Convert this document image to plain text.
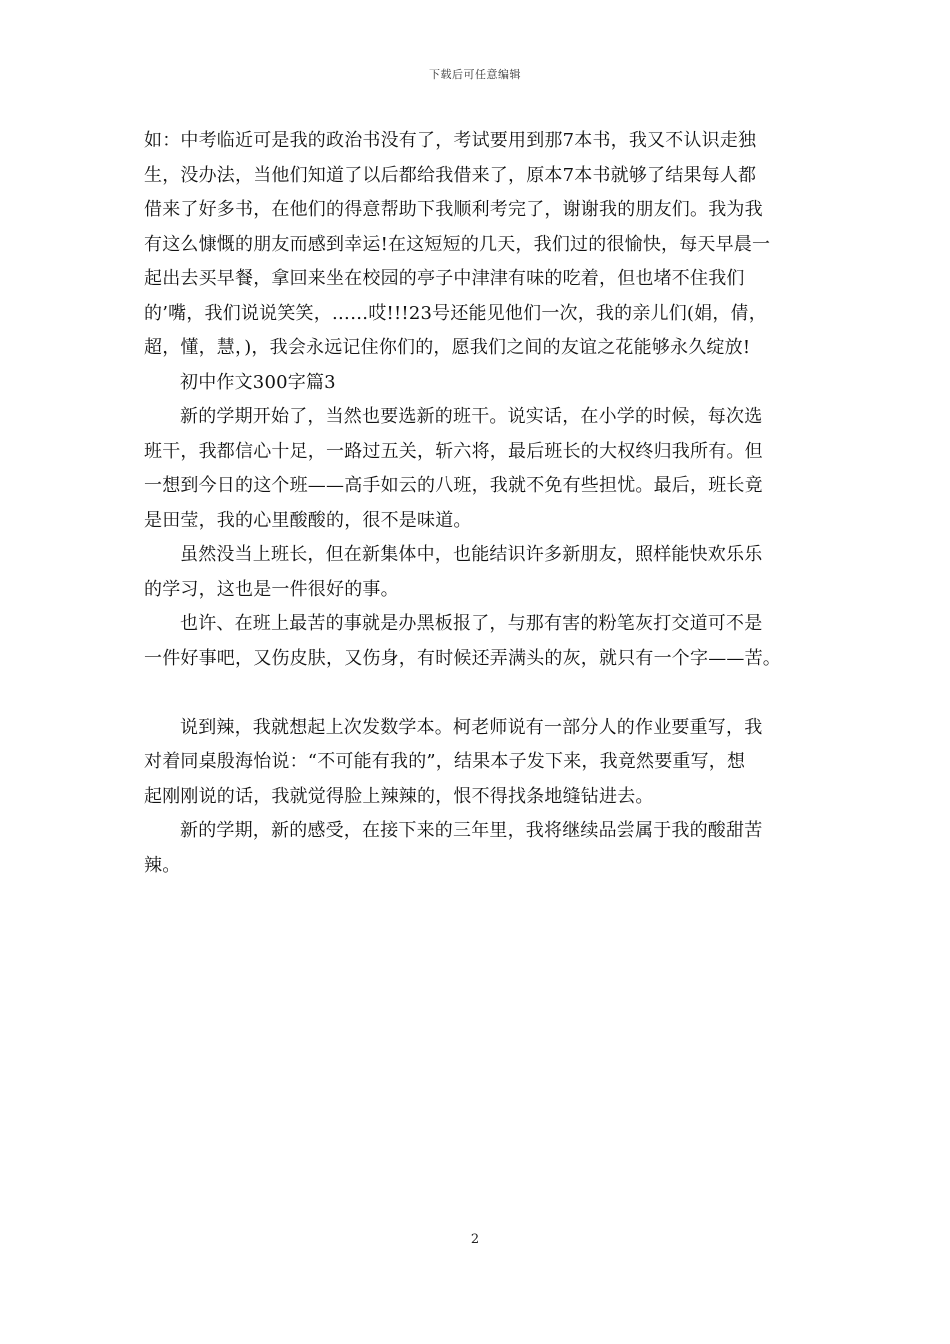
下载后可任意编辑
如：中考临近可是我的政治书没有了，考试要用到那7本书，我又不认识走独
生，没办法，当他们知道了以后都给我借来了，原本7本书就够了结果每人都
借来了好多书，在他们的得意帮助下我顺利考完了，谢谢我的朋友们。我为我
有这么慷慨的朋友而感到幸运!在这短短的几天，我们过的很愉快，每天早晨一
起出去买早餐，拿回来坐在校园的亭子中津津有味的吃着，但也堵不住我们
的’嘴，我们说说笑笑，……哎!!!23号还能见他们一次，我的亲儿们(娟，倩，
超，懂，慧，)，我会永远记住你们的，愿我们之间的友谊之花能够永久绽放!
初中作文300字篇3
新的学期开始了，当然也要选新的班干。说实话，在小学的时候，每次选
班干，我都信心十足，一路过五关，斩六将，最后班长的大权终归我所有。但
一想到今日的这个班——高手如云的八班，我就不免有些担忧。最后，班长竟
是田莹，我的心里酸酸的，很不是味道。
虽然没当上班长，但在新集体中，也能结识许多新朋友，照样能快欢乐乐
的学习，这也是一件很好的事。
也许、在班上最苦的事就是办黑板报了，与那有害的粉笔灰打交道可不是
一件好事吧，又伤皮肤，又伤身，有时候还弄满头的灰，就只有一个字——苦。
说到辣，我就想起上次发数学本。柯老师说有一部分人的作业要重写，我
对着同桌殷海怡说：“不可能有我的”，结果本子发下来，我竟然要重写，想
起刚刚说的话，我就觉得脸上辣辣的，恨不得找条地缝钻进去。
新的学期，新的感受，在接下来的三年里，我将继续品尝属于我的酸甜苦
辣。
2
